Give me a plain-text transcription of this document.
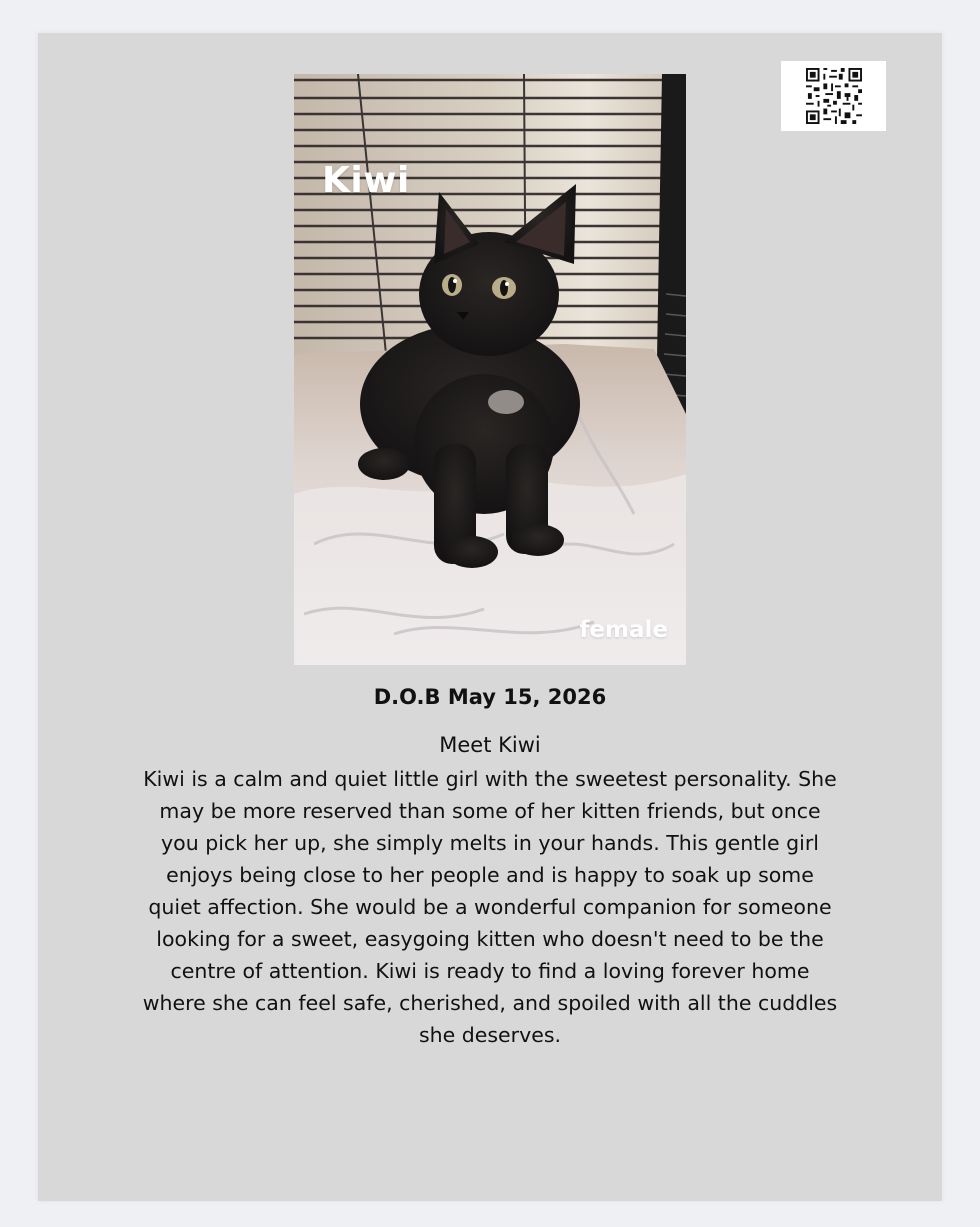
Kiwi
female
D.O.B May 15, 2026
Meet Kiwi

Kiwi is a calm and quiet little girl with the sweetest personality. She may be more reserved than some of her kitten friends, but once you pick her up, she simply melts in your hands. This gentle girl enjoys being close to her people and is happy to soak up some quiet affection. She would be a wonderful companion for someone looking for a sweet, easygoing kitten who doesn't need to be the centre of attention. Kiwi is ready to find a loving forever home where she can feel safe, cherished, and spoiled with all the cuddles she deserves.
